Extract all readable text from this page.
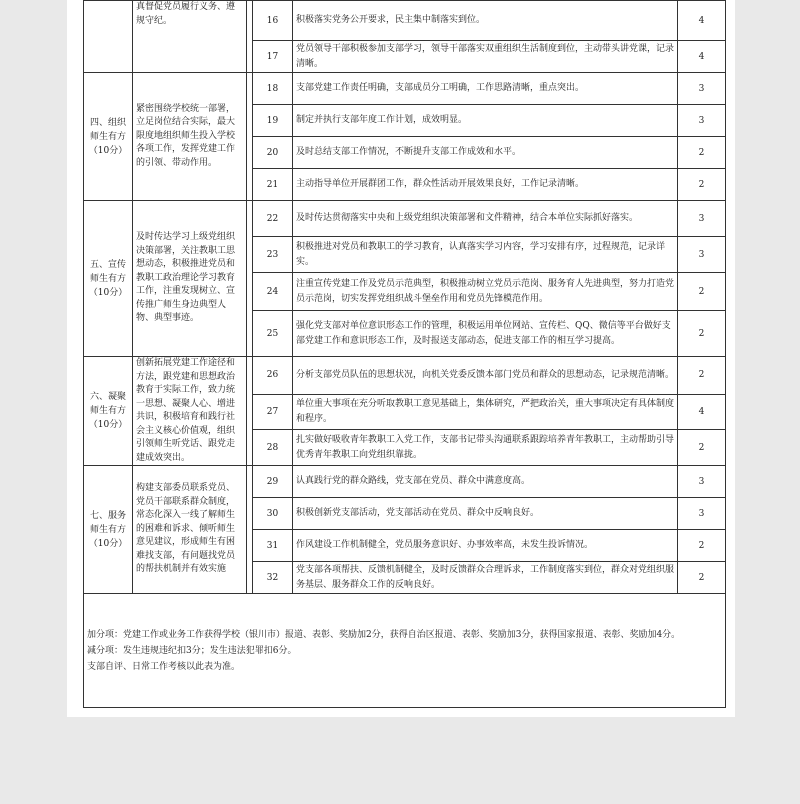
	真督促党员履行义务、遵规守纪。		16	积极落实党务公开要求，民主集中制落实到位。	4
			17	党员领导干部积极参加支部学习，领导干部落实双重组织生活制度到位，主动带头讲党课，记录清晰。	4
四、组织师生有方（10分）	紧密围绕学校统一部署，立足岗位结合实际，最大限度地组织师生投入学校各项工作，发挥党建工作的引领、带动作用。		18	支部党建工作责任明确，支部成员分工明确，工作思路清晰，重点突出。	3
			19	制定并执行支部年度工作计划，成效明显。	3
			20	及时总结支部工作情况，不断提升支部工作成效和水平。	2
			21	主动指导单位开展群团工作，群众性活动开展效果良好，工作记录清晰。	2
五、宣传师生有方（10分）	及时传达学习上级党组织决策部署，关注教职工思想动态，积极推进党员和教职工政治理论学习教育工作，注重发现树立、宣传推广师生身边典型人物、典型事迹。		22	及时传达贯彻落实中央和上级党组织决策部署和文件精神，结合本单位实际抓好落实。	3
			23	积极推进对党员和教职工的学习教育，认真落实学习内容，学习安排有序，过程规范，记录详实。	3
			24	注重宣传党建工作及党员示范典型，积极推动树立党员示范岗、服务育人先进典型，努力打造党员示范岗，切实发挥党组织战斗堡垒作用和党员先锋模范作用。	2
			25	强化党支部对单位意识形态工作的管理，积极运用单位网站、宣传栏、QQ、微信等平台做好支部党建工作和意识形态工作，及时报送支部动态，促进支部工作的相互学习提高。	2
六、凝聚师生有方（10分）	创新拓展党建工作途径和方法，跟党建和思想政治教育于实际工作，致力统一思想、凝聚人心、增进共识，积极培育和践行社会主义核心价值观，组织引领师生听党话、跟党走建成效突出。		26	分析支部党员队伍的思想状况，向机关党委反馈本部门党员和群众的思想动态，记录规范清晰。	2
			27	单位重大事项在充分听取教职工意见基础上，集体研究，严把政治关，重大事项决定有具体制度和程序。	4
			28	扎实做好吸收青年教职工入党工作，支部书记带头沟通联系跟踪培养青年教职工，主动帮助引导优秀青年教职工向党组织靠拢。	2
七、服务师生有方（10分）	构建支部委员联系党员、党员干部联系群众制度，常态化深入一线了解师生的困难和诉求、倾听师生意见建议，形成师生有困难找支部，有问题找党员的帮扶机制并有效实施		29	认真践行党的群众路线，党支部在党员、群众中满意度高。	3
			30	积极创新党支部活动，党支部活动在党员、群众中反响良好。	3
			31	作风建设工作机制健全，党员服务意识好、办事效率高，未发生投诉情况。	2
			32	党支部各项帮扶、反馈机制健全，及时反馈群众合理诉求，工作制度落实到位，群众对党组织服务基层、服务群众工作的反响良好。	2

加分项：党建工作或业务工作获得学校（银川市）报道、表彰、奖励加2分，获得自治区报道、表彰、奖励加3分，获得国家报道、表彰、奖励加4分。
减分项：发生违规违纪扣3分；发生违法犯罪扣6分。
支部自评、日常工作考核以此表为准。					
